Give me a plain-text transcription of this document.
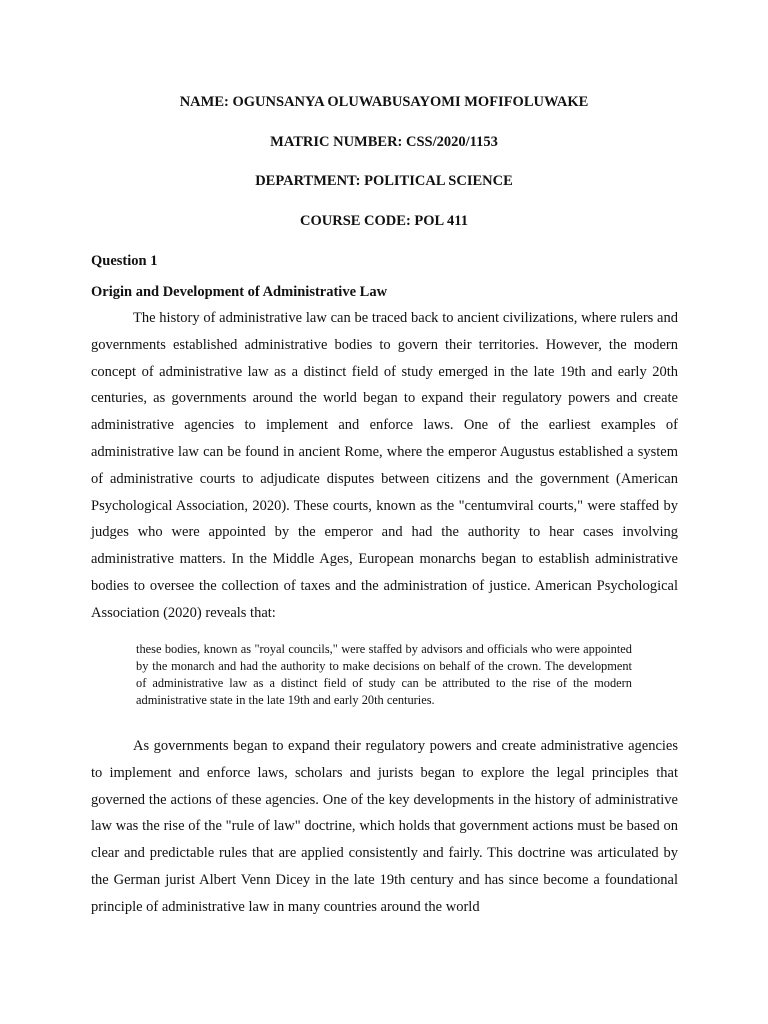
NAME: OGUNSANYA OLUWABUSAYOMI MOFIFOLUWAKE

MATRIC NUMBER: CSS/2020/1153

DEPARTMENT: POLITICAL SCIENCE

COURSE CODE: POL 411

Question 1

Origin and Development of Administrative Law

The history of administrative law can be traced back to ancient civilizations, where rulers and governments established administrative bodies to govern their territories. However, the modern concept of administrative law as a distinct field of study emerged in the late 19th and early 20th centuries, as governments around the world began to expand their regulatory powers and create administrative agencies to implement and enforce laws. One of the earliest examples of administrative law can be found in ancient Rome, where the emperor Augustus established a system of administrative courts to adjudicate disputes between citizens and the government (American Psychological Association, 2020). These courts, known as the "centumviral courts," were staffed by judges who were appointed by the emperor and had the authority to hear cases involving administrative matters. In the Middle Ages, European monarchs began to establish administrative bodies to oversee the collection of taxes and the administration of justice. American Psychological Association (2020) reveals that:

these bodies, known as "royal councils," were staffed by advisors and officials who were appointed by the monarch and had the authority to make decisions on behalf of the crown. The development of administrative law as a distinct field of study can be attributed to the rise of the modern administrative state in the late 19th and early 20th centuries.

As governments began to expand their regulatory powers and create administrative agencies to implement and enforce laws, scholars and jurists began to explore the legal principles that governed the actions of these agencies. One of the key developments in the history of administrative law was the rise of the "rule of law" doctrine, which holds that government actions must be based on clear and predictable rules that are applied consistently and fairly. This doctrine was articulated by the German jurist Albert Venn Dicey in the late 19th century and has since become a foundational principle of administrative law in many countries around the world
